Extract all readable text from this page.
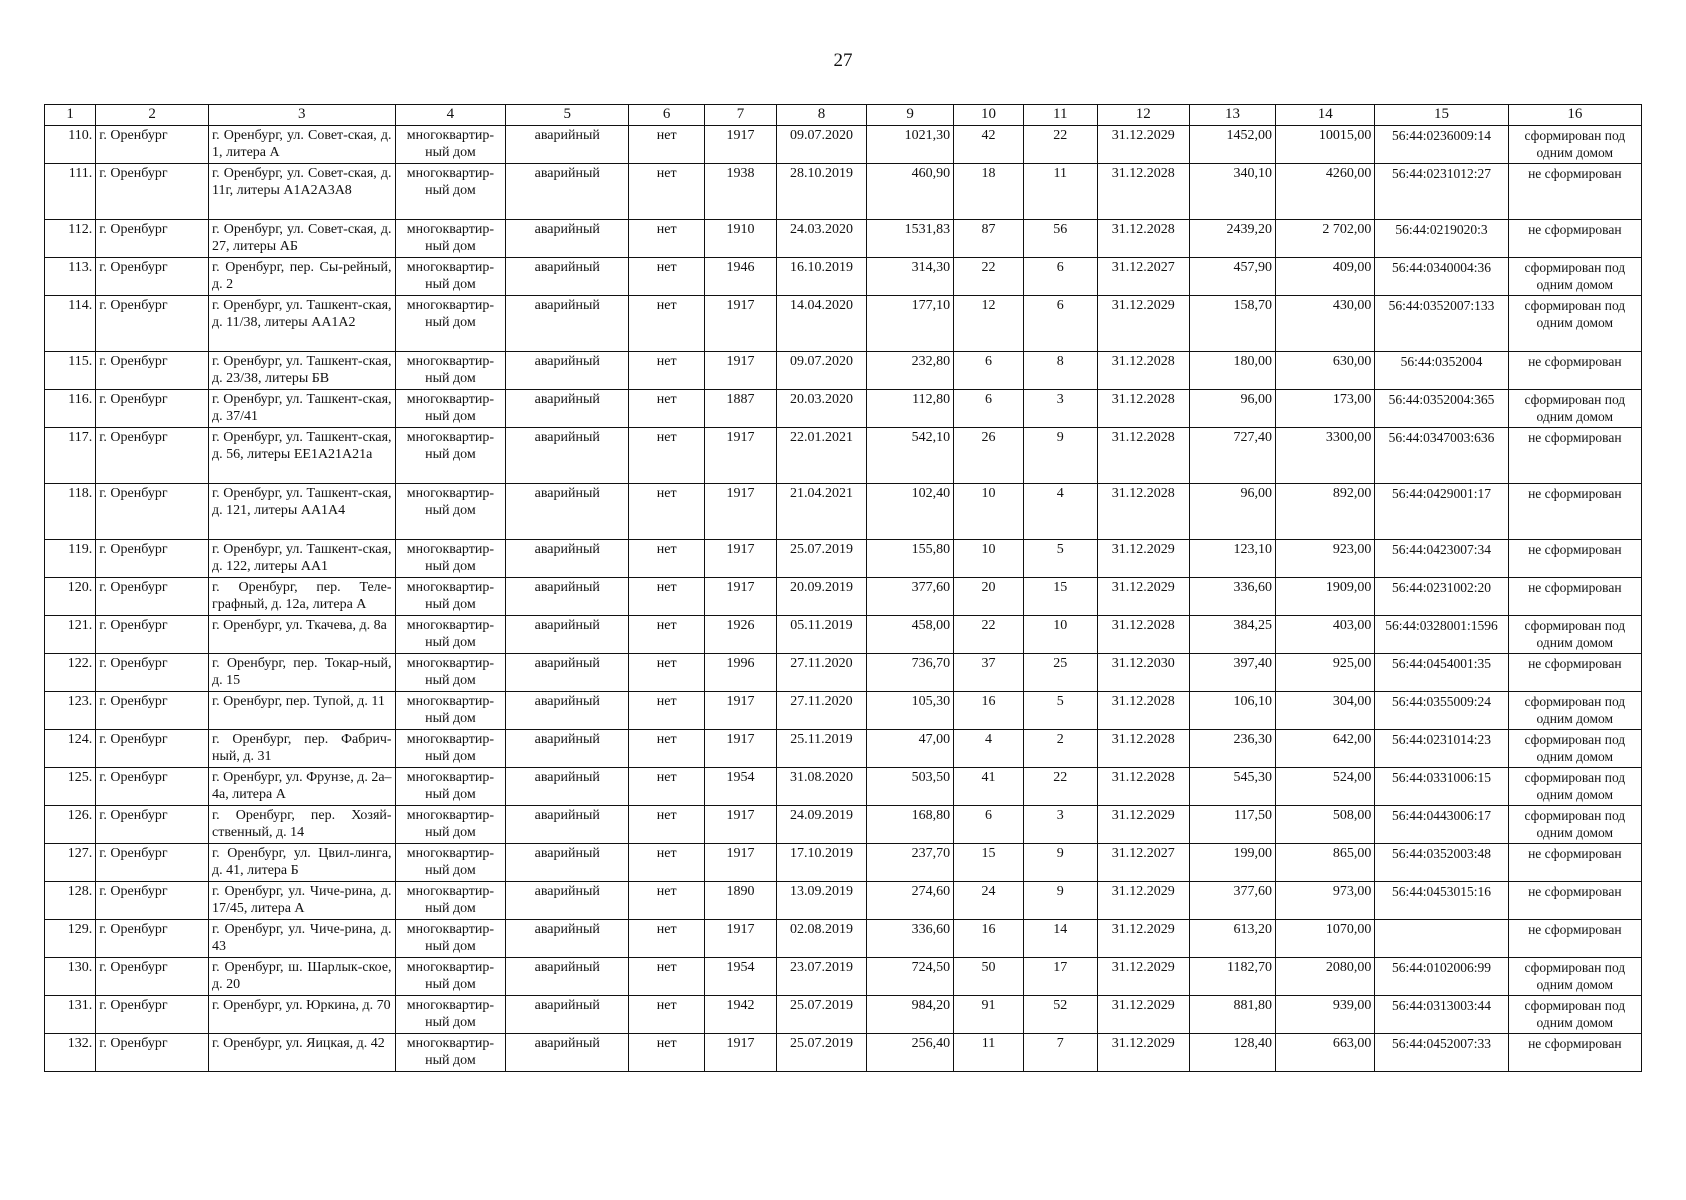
27
1	2	3	4	5	6	7	8	9	10	11	12	13	14	15	16
110.	г. Оренбург	г. Оренбург, ул. Совет-ская, д. 1, литера А	многоквартир-ный дом	аварийный	нет	1917	09.07.2020	1021,30	42	22	31.12.2029	1452,00	10015,00	56:44:0236009:14	сформирован под одним домом
111.	г. Оренбург	г. Оренбург, ул. Совет-ская, д. 11г, литеры А1А2А3А8	многоквартир-ный дом	аварийный	нет	1938	28.10.2019	460,90	18	11	31.12.2028	340,10	4260,00	56:44:0231012:27	не сформирован
112.	г. Оренбург	г. Оренбург, ул. Совет-ская, д. 27, литеры АБ	многоквартир-ный дом	аварийный	нет	1910	24.03.2020	1531,83	87	56	31.12.2028	2439,20	2 702,00	56:44:0219020:3	не сформирован
113.	г. Оренбург	г. Оренбург, пер. Сы-рейный, д. 2	многоквартир-ный дом	аварийный	нет	1946	16.10.2019	314,30	22	6	31.12.2027	457,90	409,00	56:44:0340004:36	сформирован под одним домом
114.	г. Оренбург	г. Оренбург, ул. Ташкент-ская, д. 11/38, литеры АА1А2	многоквартир-ный дом	аварийный	нет	1917	14.04.2020	177,10	12	6	31.12.2029	158,70	430,00	56:44:0352007:133	сформирован под одним домом
115.	г. Оренбург	г. Оренбург, ул. Ташкент-ская, д. 23/38, литеры БВ	многоквартир-ный дом	аварийный	нет	1917	09.07.2020	232,80	6	8	31.12.2028	180,00	630,00	56:44:0352004	не сформирован
116.	г. Оренбург	г. Оренбург, ул. Ташкент-ская, д. 37/41	многоквартир-ный дом	аварийный	нет	1887	20.03.2020	112,80	6	3	31.12.2028	96,00	173,00	56:44:0352004:365	сформирован под одним домом
117.	г. Оренбург	г. Оренбург, ул. Ташкент-ская, д. 56, литеры ЕЕ1А21А21а	многоквартир-ный дом	аварийный	нет	1917	22.01.2021	542,10	26	9	31.12.2028	727,40	3300,00	56:44:0347003:636	не сформирован
118.	г. Оренбург	г. Оренбург, ул. Ташкент-ская, д. 121, литеры АА1А4	многоквартир-ный дом	аварийный	нет	1917	21.04.2021	102,40	10	4	31.12.2028	96,00	892,00	56:44:0429001:17	не сформирован
119.	г. Оренбург	г. Оренбург, ул. Ташкент-ская, д. 122, литеры АА1	многоквартир-ный дом	аварийный	нет	1917	25.07.2019	155,80	10	5	31.12.2029	123,10	923,00	56:44:0423007:34	не сформирован
120.	г. Оренбург	г. Оренбург, пер. Теле-графный, д. 12а, литера А	многоквартир-ный дом	аварийный	нет	1917	20.09.2019	377,60	20	15	31.12.2029	336,60	1909,00	56:44:0231002:20	не сформирован
121.	г. Оренбург	г. Оренбург, ул. Ткачева, д. 8а	многоквартир-ный дом	аварийный	нет	1926	05.11.2019	458,00	22	10	31.12.2028	384,25	403,00	56:44:0328001:1596	сформирован под одним домом
122.	г. Оренбург	г. Оренбург, пер. Токар-ный, д. 15	многоквартир-ный дом	аварийный	нет	1996	27.11.2020	736,70	37	25	31.12.2030	397,40	925,00	56:44:0454001:35	не сформирован
123.	г. Оренбург	г. Оренбург, пер. Тупой, д. 11	многоквартир-ный дом	аварийный	нет	1917	27.11.2020	105,30	16	5	31.12.2028	106,10	304,00	56:44:0355009:24	сформирован под одним домом
124.	г. Оренбург	г. Оренбург, пер. Фабрич-ный, д. 31	многоквартир-ный дом	аварийный	нет	1917	25.11.2019	47,00	4	2	31.12.2028	236,30	642,00	56:44:0231014:23	сформирован под одним домом
125.	г. Оренбург	г. Оренбург, ул. Фрунзе, д. 2а–4а, литера А	многоквартир-ный дом	аварийный	нет	1954	31.08.2020	503,50	41	22	31.12.2028	545,30	524,00	56:44:0331006:15	сформирован под одним домом
126.	г. Оренбург	г. Оренбург, пер. Хозяй-ственный, д. 14	многоквартир-ный дом	аварийный	нет	1917	24.09.2019	168,80	6	3	31.12.2029	117,50	508,00	56:44:0443006:17	сформирован под одним домом
127.	г. Оренбург	г. Оренбург, ул. Цвил-линга, д. 41, литера Б	многоквартир-ный дом	аварийный	нет	1917	17.10.2019	237,70	15	9	31.12.2027	199,00	865,00	56:44:0352003:48	не сформирован
128.	г. Оренбург	г. Оренбург, ул. Чиче-рина, д. 17/45, литера А	многоквартир-ный дом	аварийный	нет	1890	13.09.2019	274,60	24	9	31.12.2029	377,60	973,00	56:44:0453015:16	не сформирован
129.	г. Оренбург	г. Оренбург, ул. Чиче-рина, д. 43	многоквартир-ный дом	аварийный	нет	1917	02.08.2019	336,60	16	14	31.12.2029	613,20	1070,00		не сформирован
130.	г. Оренбург	г. Оренбург, ш. Шарлык-ское, д. 20	многоквартир-ный дом	аварийный	нет	1954	23.07.2019	724,50	50	17	31.12.2029	1182,70	2080,00	56:44:0102006:99	сформирован под одним домом
131.	г. Оренбург	г. Оренбург, ул. Юркина, д. 70	многоквартир-ный дом	аварийный	нет	1942	25.07.2019	984,20	91	52	31.12.2029	881,80	939,00	56:44:0313003:44	сформирован под одним домом
132.	г. Оренбург	г. Оренбург, ул. Яицкая, д. 42	многоквартир-ный дом	аварийный	нет	1917	25.07.2019	256,40	11	7	31.12.2029	128,40	663,00	56:44:0452007:33	не сформирован
